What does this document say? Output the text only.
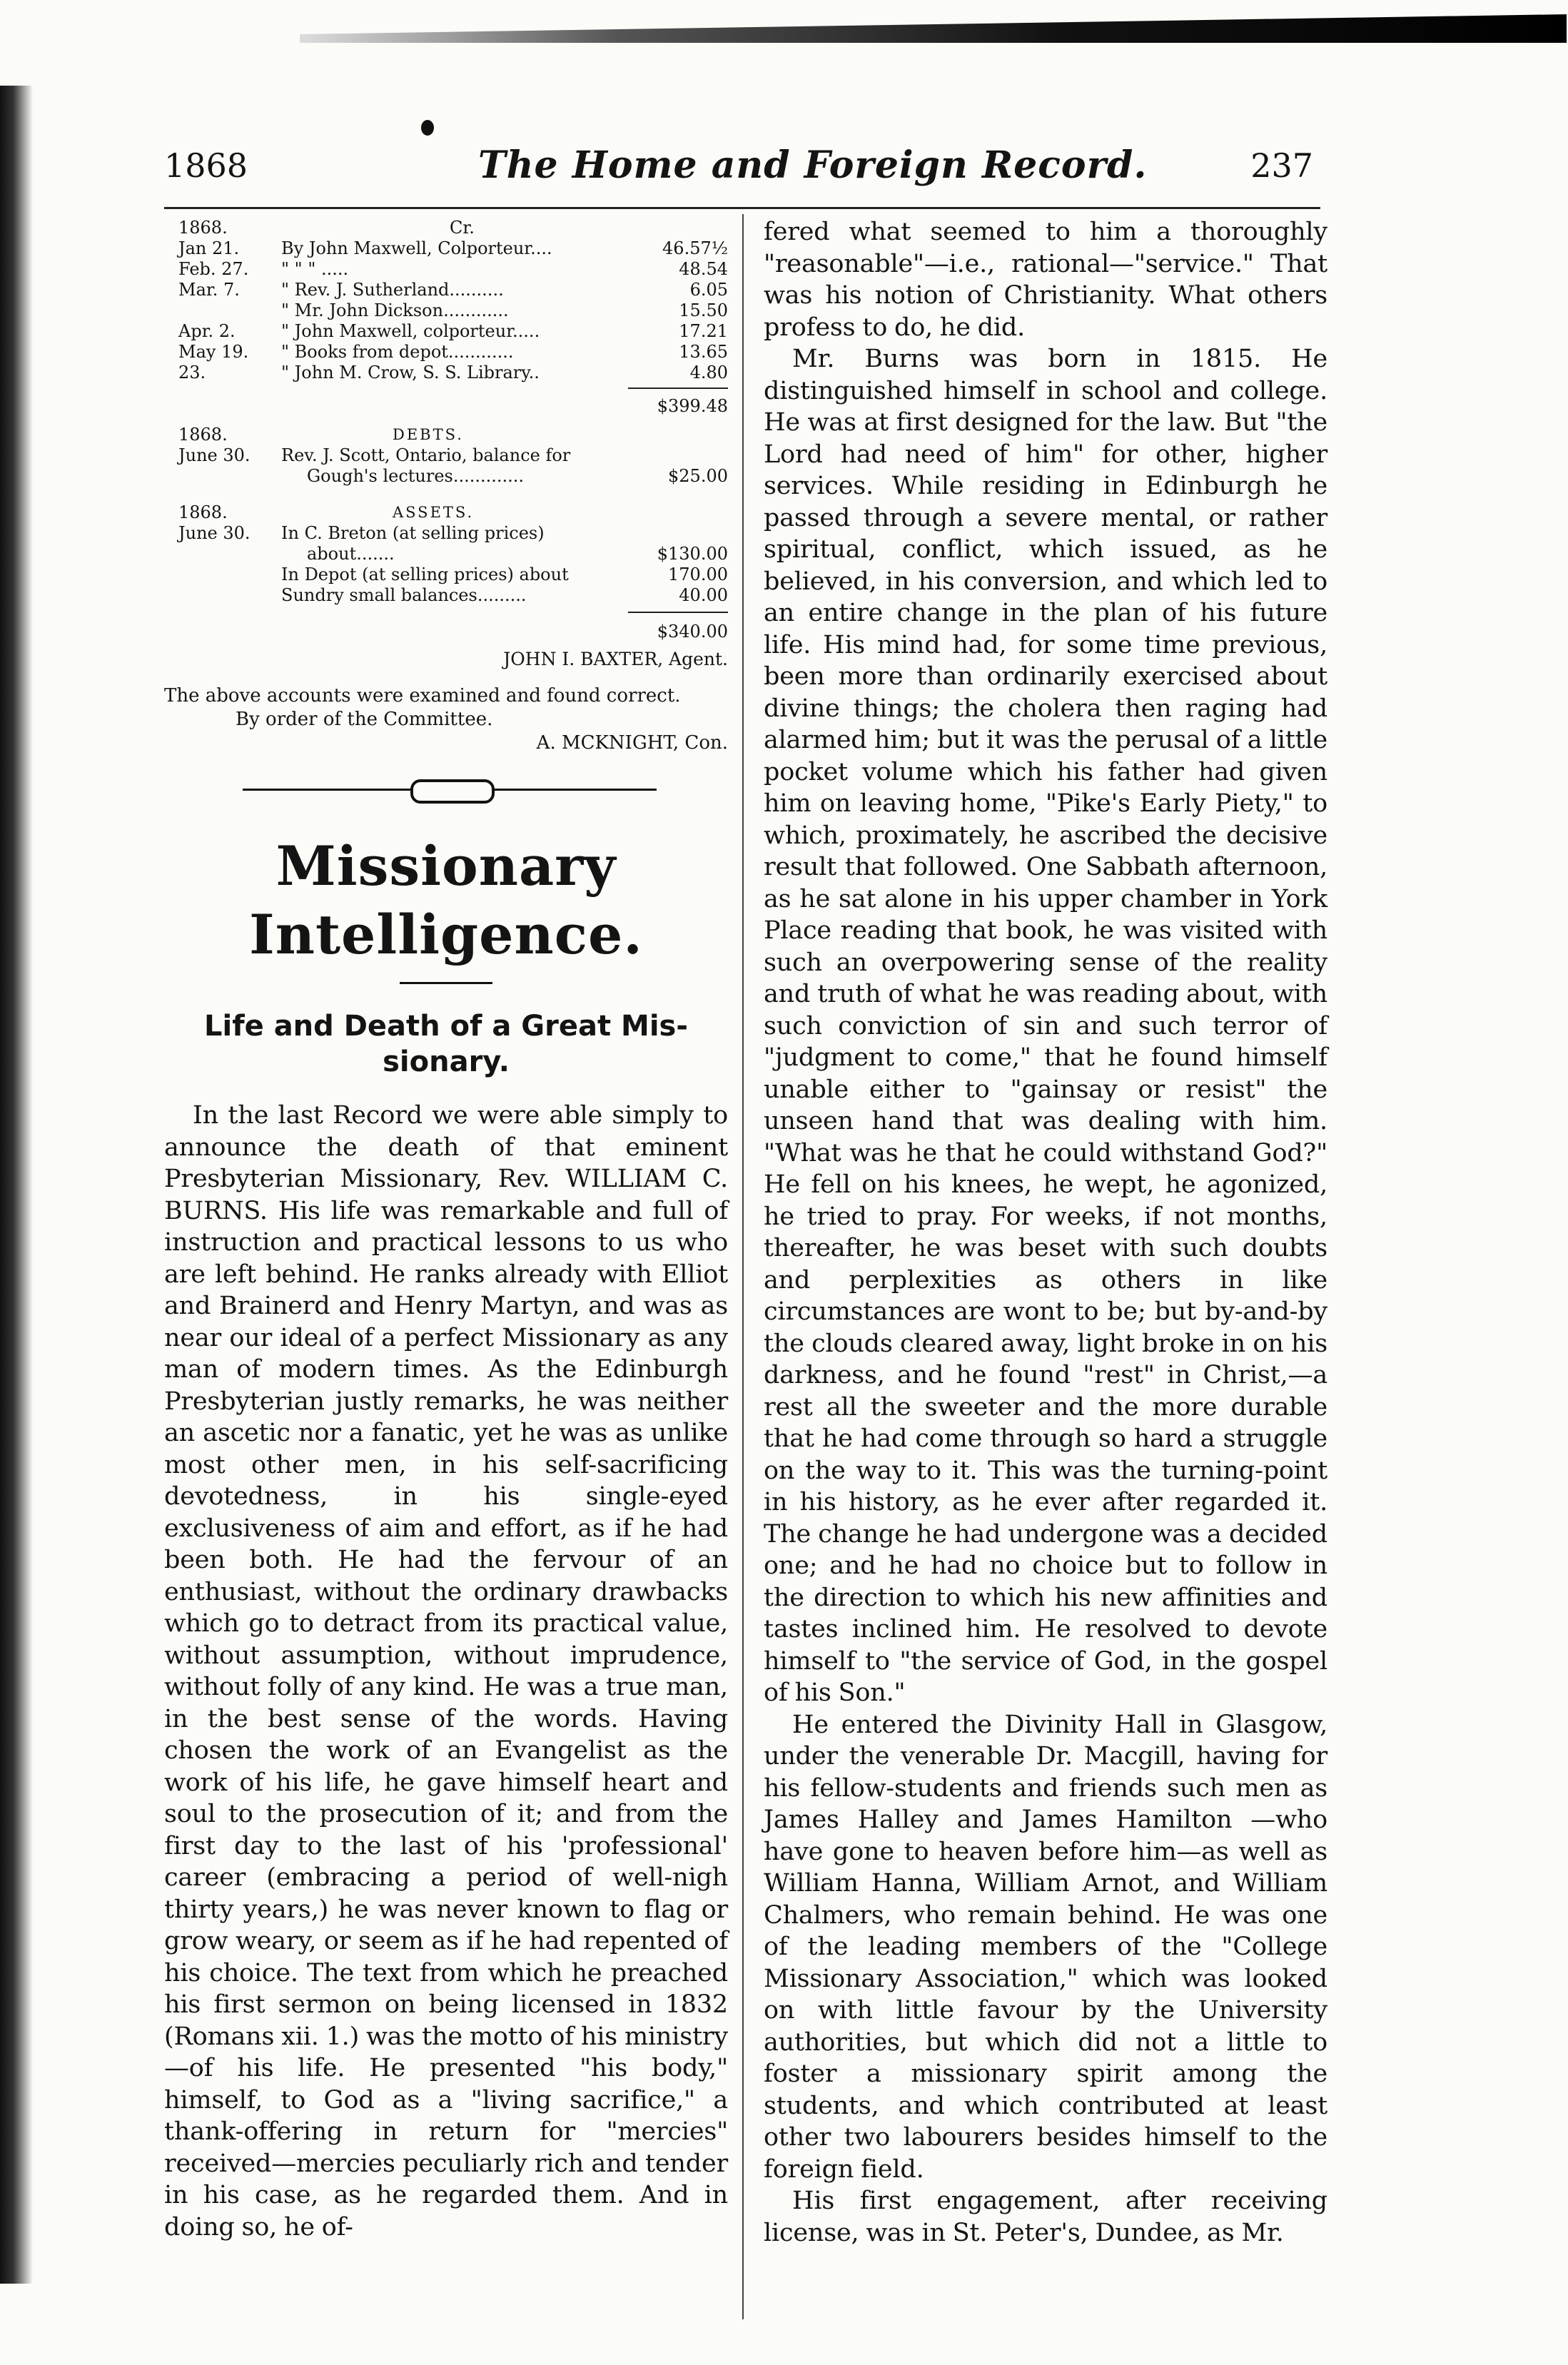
1868	The Home and Foreign Record.	237
1868.	Cr.
Jan 21. By John Maxwell, Colporteur....	46.57½
Feb. 27. " " " .....	48.54
Mar. 7. " Rev. J. Sutherland..........	6.05
" Mr. John Dickson............	15.50
Apr. 2.	" John Maxwell, colporteur.....	17.21
May 19. " Books from depot............	13.65
23.	" John M. Crow, S. S. Library..	4.80
$399.48
1868.	DEBTS.
June 30. Rev. J. Scott, Ontario, balance for
Gough's lectures.............	$25.00
1868.	ASSETS.
June 30. In C. Breton (at selling prices)
about.......	$130.00
In Depot (at selling prices) about	170.00
Sundry small balances.........	40.00
$340.00
JOHN I. BAXTER, Agent.

The above accounts were examined and found correct.

By order of the Committee.

A. MCKNIGHT, Con.

Missionary Intelligence.
Life and Death of a Great Mis-
sionary.

In the last Record we were able simply to announce the death of that eminent Presbyterian Missionary, Rev. WILLIAM C. BURNS. His life was remarkable and full of instruction and practical lessons to us who are left behind. He ranks already with Elliot and Brainerd and Henry Martyn, and was as near our ideal of a perfect Missionary as any man of modern times. As the Edinburgh Presbyterian justly remarks, he was neither an ascetic nor a fanatic, yet he was as unlike most other men, in his self-sacrificing devotedness, in his single-eyed exclusiveness of aim and effort, as if he had been both. He had the fervour of an enthusiast, without the ordinary drawbacks which go to detract from its practical value, without assumption, without imprudence, without folly of any kind. He was a true man, in the best sense of the words. Having chosen the work of an Evangelist as the work of his life, he gave himself heart and soul to the prosecution of it; and from the first day to the last of his 'professional' career (embracing a period of well-nigh thirty years,) he was never known to flag or grow weary, or seem as if he had repented of his choice. The text from which he preached his first sermon on being licensed in 1832 (Romans xii. 1.) was the motto of his ministry—of his life. He presented "his body," himself, to God as a "living sacrifice," a thank-offering in return for "mercies" received—mercies peculiarly rich and tender in his case, as he regarded them. And in doing so, he of-

fered what seemed to him a thoroughly "reasonable"—i.e., rational—"service." That was his notion of Christianity. What others profess to do, he did.

Mr. Burns was born in 1815. He distinguished himself in school and college. He was at first designed for the law. But "the Lord had need of him" for other, higher services. While residing in Edinburgh he passed through a severe mental, or rather spiritual, conflict, which issued, as he believed, in his conversion, and which led to an entire change in the plan of his future life. His mind had, for some time previous, been more than ordinarily exercised about divine things; the cholera then raging had alarmed him; but it was the perusal of a little pocket volume which his father had given him on leaving home, "Pike's Early Piety," to which, proximately, he ascribed the decisive result that followed. One Sabbath afternoon, as he sat alone in his upper chamber in York Place reading that book, he was visited with such an overpowering sense of the reality and truth of what he was reading about, with such conviction of sin and such terror of "judgment to come," that he found himself unable either to "gainsay or resist" the unseen hand that was dealing with him. "What was he that he could withstand God?" He fell on his knees, he wept, he agonized, he tried to pray. For weeks, if not months, thereafter, he was beset with such doubts and perplexities as others in like circumstances are wont to be; but by-and-by the clouds cleared away, light broke in on his darkness, and he found "rest" in Christ,—a rest all the sweeter and the more durable that he had come through so hard a struggle on the way to it. This was the turning-point in his history, as he ever after regarded it. The change he had undergone was a decided one; and he had no choice but to follow in the direction to which his new affinities and tastes inclined him. He resolved to devote himself to "the service of God, in the gospel of his Son."

He entered the Divinity Hall in Glasgow, under the venerable Dr. Macgill, having for his fellow-students and friends such men as James Halley and James Hamilton —who have gone to heaven before him—as well as William Hanna, William Arnot, and William Chalmers, who remain behind. He was one of the leading members of the "College Missionary Association," which was looked on with little favour by the University authorities, but which did not a little to foster a missionary spirit among the students, and which contributed at least other two labourers besides himself to the foreign field.

His first engagement, after receiving license, was in St. Peter's, Dundee, as Mr.
